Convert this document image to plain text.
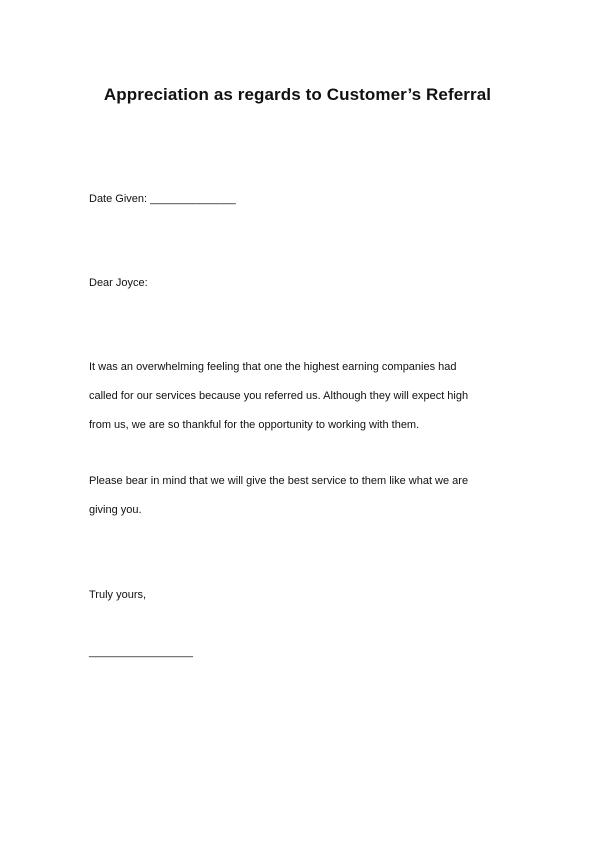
Appreciation as regards to Customer’s Referral
Date Given: ______________
Dear Joyce:
It was an overwhelming feeling that one the highest earning companies had
called for our services because you referred us. Although they will expect high
from us, we are so thankful for the opportunity to working with them.
Please bear in mind that we will give the best service to them like what we are
giving you.
Truly yours,
_________________
